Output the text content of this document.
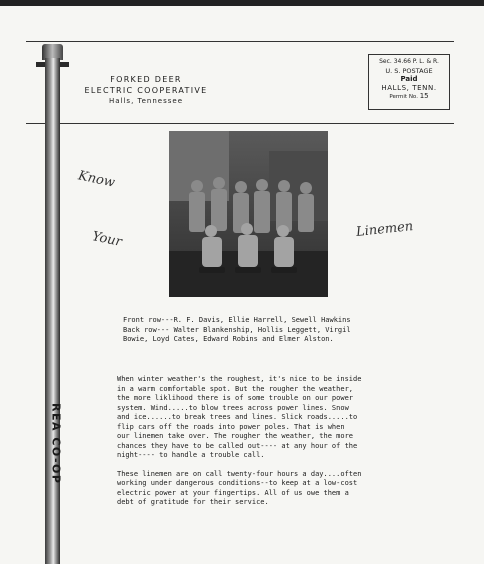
REA CO-OP
FORKED DEER
ELECTRIC COOPERATIVE
Halls, Tennessee
Sec. 34.66 P. L. & R.
U. S. POSTAGE
Paid
HALLS, TENN.
Permit No. 15
Know
Your	Linemen
Front row---R. F. Davis, Ellie Harrell, Sewell Hawkins
Back row--- Walter Blankenship, Hollis Leggett, Virgil
Bowie, Loyd Cates, Edward Robins and Elmer Alston.
When winter weather's the roughest, it's nice to be inside
in a warm comfortable spot. But the rougher the weather,
the more liklihood there is of some trouble on our power
system. Wind.....to blow trees across power lines. Snow
and ice......to break trees and lines. Slick roads.....to
flip cars off the roads into power poles. That is when
our linemen take over. The rougher the weather, the more
chances they have to be called out---- at any hour of the
night---- to handle a trouble call.
These linemen are on call twenty-four hours a day....often
working under dangerous conditions--to keep at a low-cost
electric power at your fingertips. All of us owe them a
debt of gratitude for their service.
